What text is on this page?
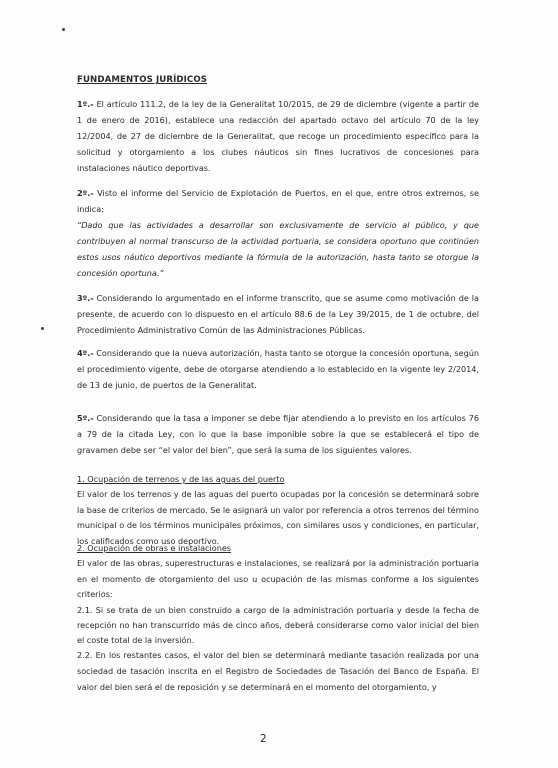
FUNDAMENTOS JURÍDICOS
1º.- El artículo 111.2, de la ley de la Generalitat 10/2015, de 29 de diciembre (vigente a partir de 1 de enero de 2016), establece una redacción del apartado octavo del artículo 70 de la ley 12/2004, de 27 de diciembre de la Generalitat, que recoge un procedimiento específico para la solicitud y otorgamiento a los clubes náuticos sin fines lucrativos de concesiones para instalaciones náutico deportivas.
2º.- Visto el informe del Servicio de Explotación de Puertos, en el que, entre otros extremos, se indica:
“Dado que las actividades a desarrollar son exclusivamente de servicio al público, y que contribuyen al normal transcurso de la actividad portuaria, se considera oportuno que continúen estos usos náutico deportivos mediante la fórmula de la autorización, hasta tanto se otorgue la concesión oportuna.”
3º.- Considerando lo argumentado en el informe transcrito, que se asume como motivación de la presente, de acuerdo con lo dispuesto en el artículo 88.6 de la Ley 39/2015, de 1 de octubre, del Procedimiento Administrativo Común de las Administraciones Públicas.
4º.- Considerando que la nueva autorización, hasta tanto se otorgue la concesión oportuna, según el procedimiento vigente, debe de otorgarse atendiendo a lo establecido en la vigente ley 2/2014, de 13 de junio, de puertos de la Generalitat.
5º.- Considerando que la tasa a imponer se debe fijar atendiendo a lo previsto en los artículos 76 a 79 de la citada Ley, con lo que la base imponible sobre la que se establecerá el tipo de gravamen debe ser “el valor del bien”, que será la suma de los siguientes valores.
1. Ocupación de terrenos y de las aguas del puerto
El valor de los terrenos y de las aguas del puerto ocupadas por la concesión se determinará sobre la base de criterios de mercado. Se le asignará un valor por referencia a otros terrenos del término municipal o de los términos municipales próximos, con similares usos y condiciones, en particular, los calificados como uso deportivo.
2. Ocupación de obras e instalaciones
El valor de las obras, superestructuras e instalaciones, se realizará por la administración portuaria en el momento de otorgamiento del uso u ocupación de las mismas conforme a los siguientes criterios:
2.1. Si se trata de un bien construido a cargo de la administración portuaria y desde la fecha de recepción no han transcurrido más de cinco años, deberá considerarse como valor inicial del bien el coste total de la inversión.
2.2. En los restantes casos, el valor del bien se determinará mediante tasación realizada por una sociedad de tasación inscrita en el Registro de Sociedades de Tasación del Banco de España. El valor del bien será el de reposición y se determinará en el momento del otorgamiento, y
2
